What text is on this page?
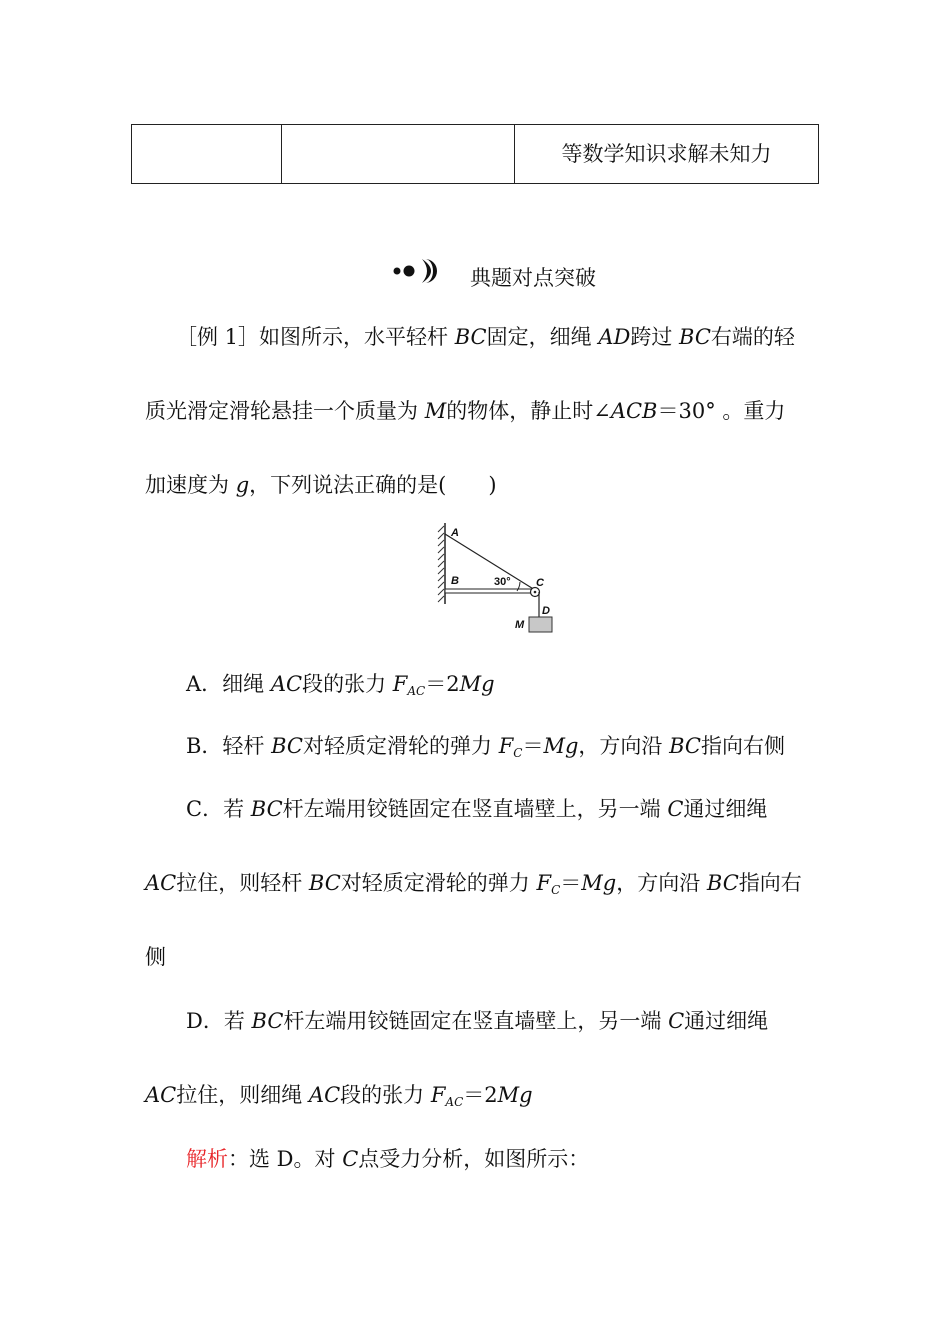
等数学知识求解未知力
典题对点突破
［例 1］如图所示，水平轻杆 BC固定，细绳 AD跨过 BC右端的轻
质光滑定滑轮悬挂一个质量为 M的物体，静止时∠ACB＝30° 。重力
加速度为 g，下列说法正确的是(　　)
A
B	C
D
M
30°
A．细绳 AC段的张力 $F_{AC}=2Mg$
B．轻杆 BC对轻质定滑轮的弹力 $F_C=Mg$，方向沿 BC指向右侧
C．若 BC杆左端用铰链固定在竖直墙壁上，另一端 C通过细绳
AC拉住，则轻杆 BC对轻质定滑轮的弹力 $F_C=Mg$，方向沿 BC指向右
侧
D．若 BC杆左端用铰链固定在竖直墙壁上，另一端 C通过细绳
AC拉住，则细绳 AC段的张力 $F_{AC}=2Mg$
解析：选 D。对 C点受力分析，如图所示：
